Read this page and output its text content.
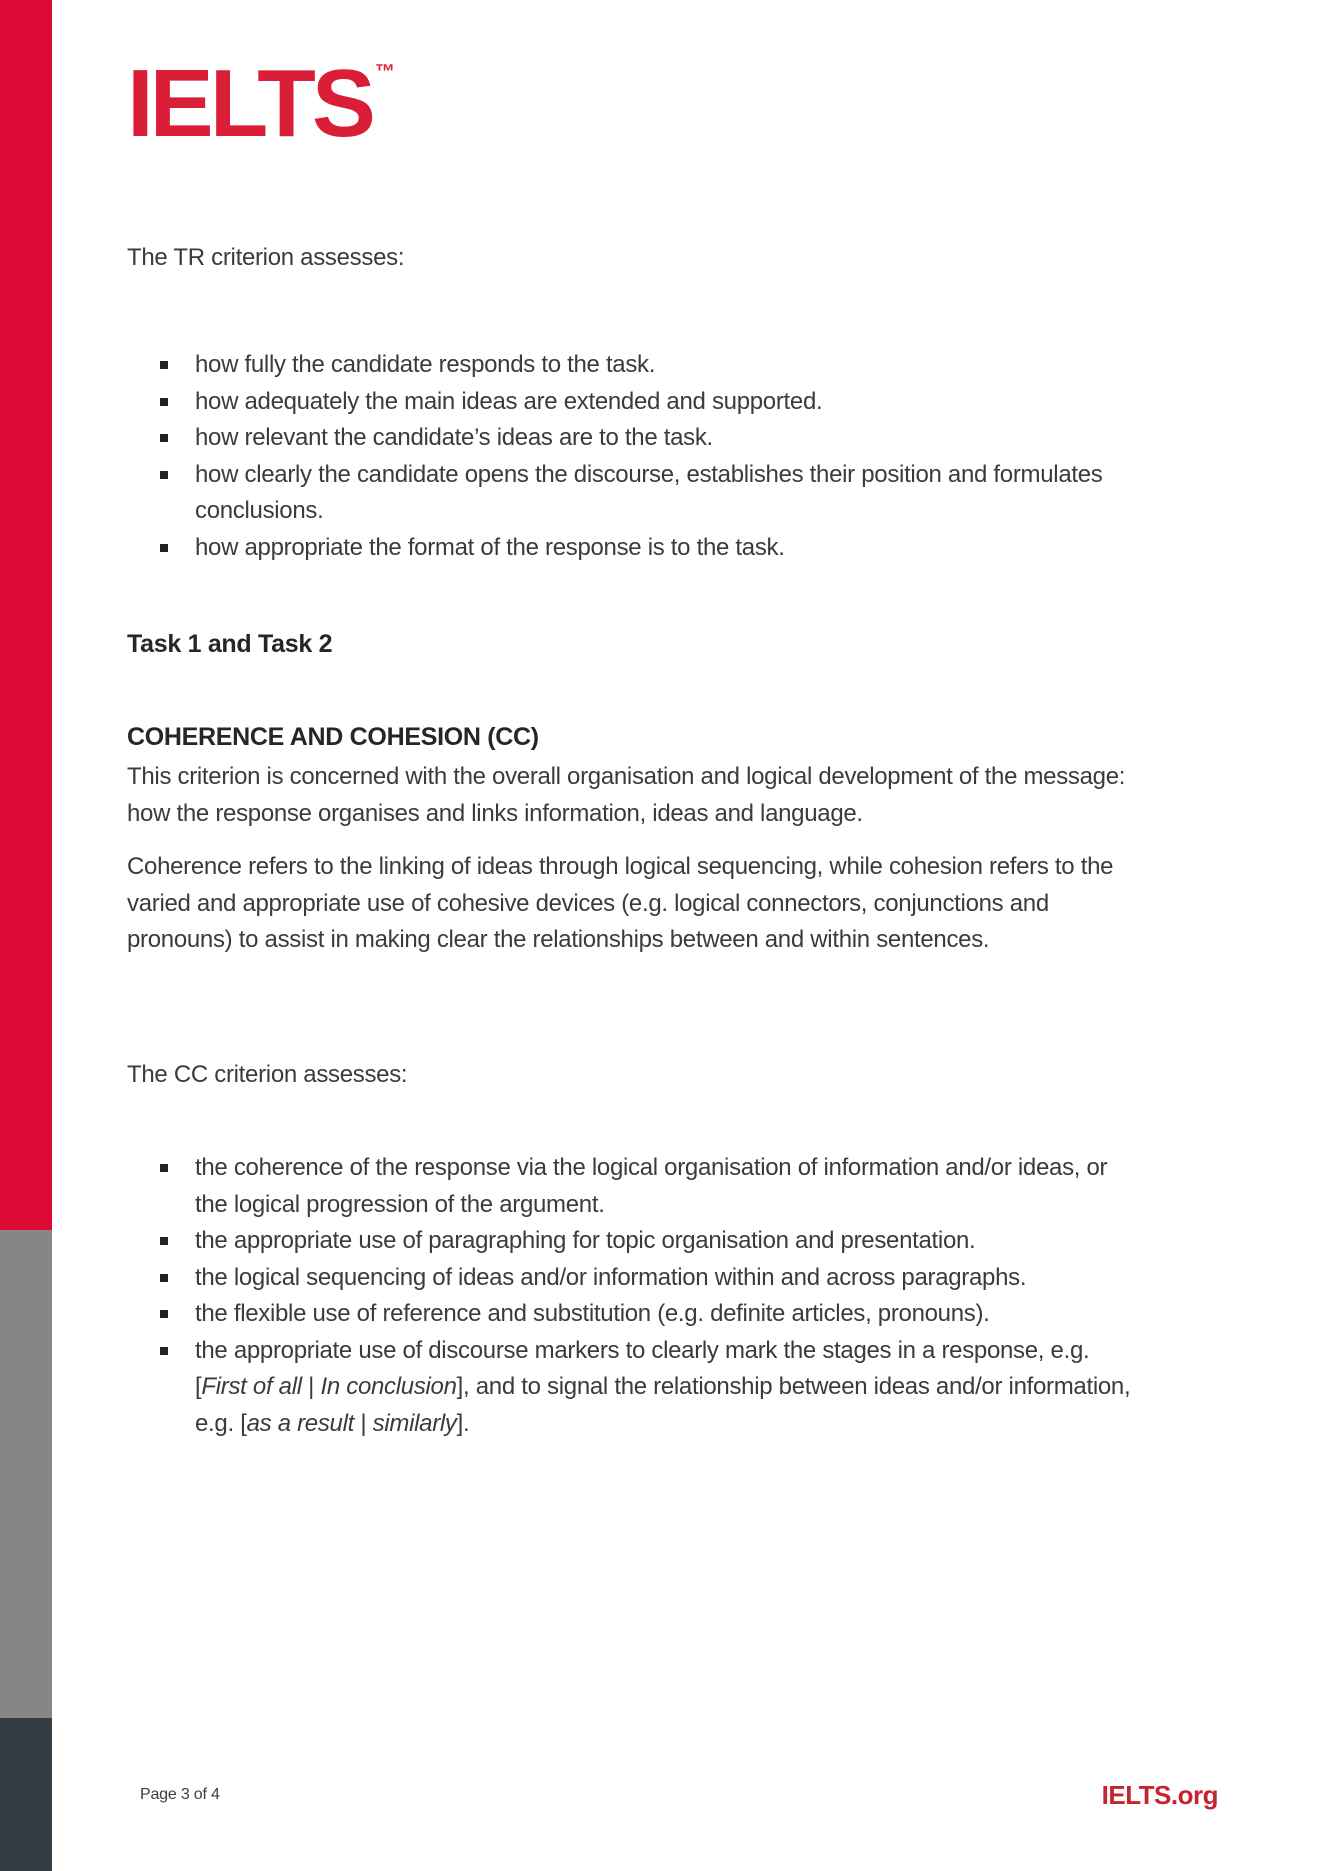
IELTS ™

The TR criterion assesses:

how fully the candidate responds to the task.
how adequately the main ideas are extended and supported.
how relevant the candidate’s ideas are to the task.
how clearly the candidate opens the discourse, establishes their position and formulates conclusions.
how appropriate the format of the response is to the task.
Task 1 and Task 2
COHERENCE AND COHESION (CC)

This criterion is concerned with the overall organisation and logical development of the message: how the response organises and links information, ideas and language.

Coherence refers to the linking of ideas through logical sequencing, while cohesion refers to the varied and appropriate use of cohesive devices (e.g. logical connectors, conjunctions and pronouns) to assist in making clear the relationships between and within sentences.

The CC criterion assesses:

the coherence of the response via the logical organisation of information and/or ideas, or the logical progression of the argument.
the appropriate use of paragraphing for topic organisation and presentation.
the logical sequencing of ideas and/or information within and across paragraphs.
the flexible use of reference and substitution (e.g. definite articles, pronouns).
the appropriate use of discourse markers to clearly mark the stages in a response, e.g. [First of all | In conclusion], and to signal the relationship between ideas and/or information, e.g. [as a result | similarly].
Page 3 of 4	IELTS.org
